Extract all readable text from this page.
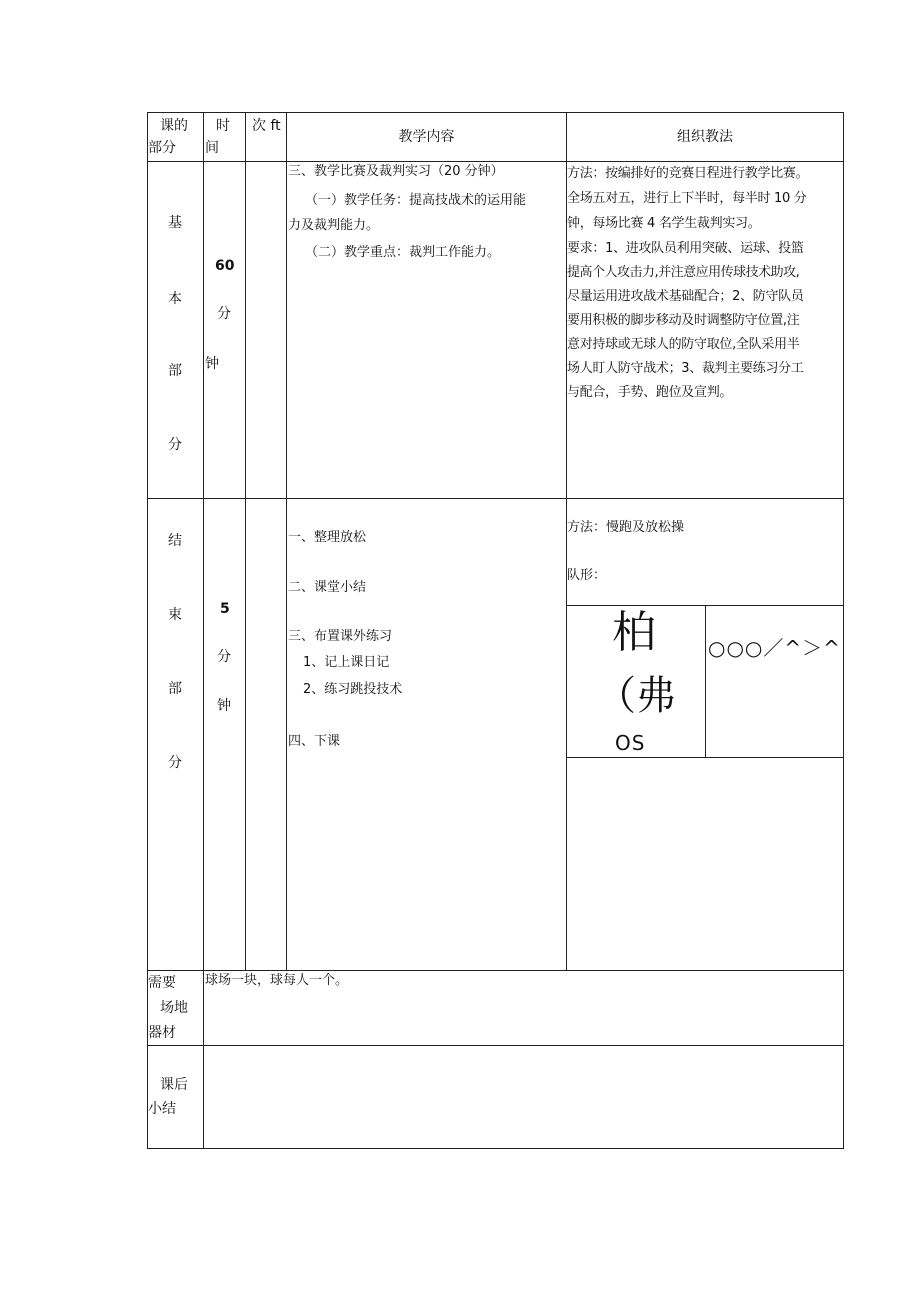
课的
部分
时
间
次 ft
教学内容	组织教法
基
本
部
分
60
分
钟
三、教学比赛及裁判实习（20 分钟）
（一）教学任务：提高技战术的运用能
力及裁判能力。
（二）教学重点：裁判工作能力。
方法：按编排好的竞赛日程进行教学比赛。
全场五对五，进行上下半时，每半时 10 分
钟，每场比赛 4 名学生裁判实习。
要求：1、进攻队员利用突破、运球、投篮
提高个人攻击力,并注意应用传球技术助攻,
尽量运用进攻战术基础配合；2、防守队员
要用积极的脚步移动及时调整防守位置,注
意对持球或无球人的防守取位,全队采用半
场人盯人防守战术；3、裁判主要练习分工
与配合，手势、跑位及宣判。
结
束
部
分
5
分
钟
一、整理放松
二、课堂小结
三、布置课外练习
1、记上课日记
2、练习跳投技术
四、下课
方法：慢跑及放松操
队形：
柏
（弗
OS
○○○／^＞^
需要
场地
器材
球场一块，球每人一个。
课后
小结
